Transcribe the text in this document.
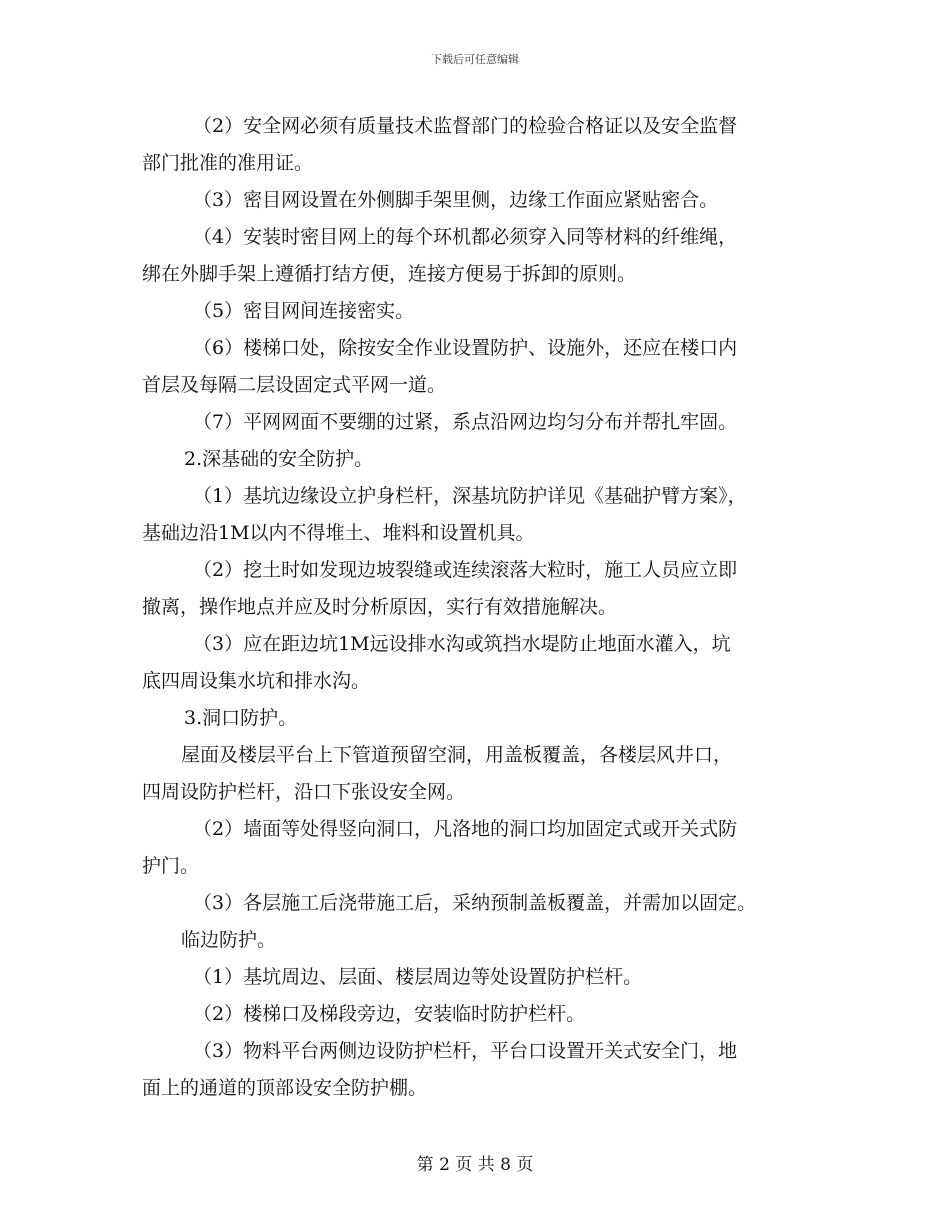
下载后可任意编辑

（2）安全网必须有质量技术监督部门的检验合格证以及安全监督
部门批准的准用证。

（3）密目网设置在外侧脚手架里侧，边缘工作面应紧贴密合。

（4）安装时密目网上的每个环机都必须穿入同等材料的纤维绳，
绑在外脚手架上遵循打结方便，连接方便易于拆卸的原则。

（5）密目网间连接密实。

（6）楼梯口处，除按安全作业设置防护、设施外，还应在楼口内
首层及每隔二层设固定式平网一道。

（7）平网网面不要绷的过紧，系点沿网边均匀分布并帮扎牢固。

2.深基础的安全防护。

（1）基坑边缘设立护身栏杆，深基坑防护详见《基础护臂方案》，
基础边沿1M以内不得堆土、堆料和设置机具。

（2）挖土时如发现边坡裂缝或连续滚落大粒时，施工人员应立即
撤离，操作地点并应及时分析原因，实行有效措施解决。

（3）应在距边坑1M远设排水沟或筑挡水堤防止地面水灌入，坑
底四周设集水坑和排水沟。

3.洞口防护。

屋面及楼层平台上下管道预留空洞，用盖板覆盖，各楼层风井口，
四周设防护栏杆，沿口下张设安全网。

（2）墙面等处得竖向洞口，凡洛地的洞口均加固定式或开关式防
护门。

（3）各层施工后浇带施工后，采纳预制盖板覆盖，并需加以固定。

临边防护。

（1）基坑周边、层面、楼层周边等处设置防护栏杆。

（2）楼梯口及梯段旁边，安装临时防护栏杆。

（3）物料平台两侧边设防护栏杆，平台口设置开关式安全门，地
面上的通道的顶部设安全防护棚。

第 2 页 共 8 页
